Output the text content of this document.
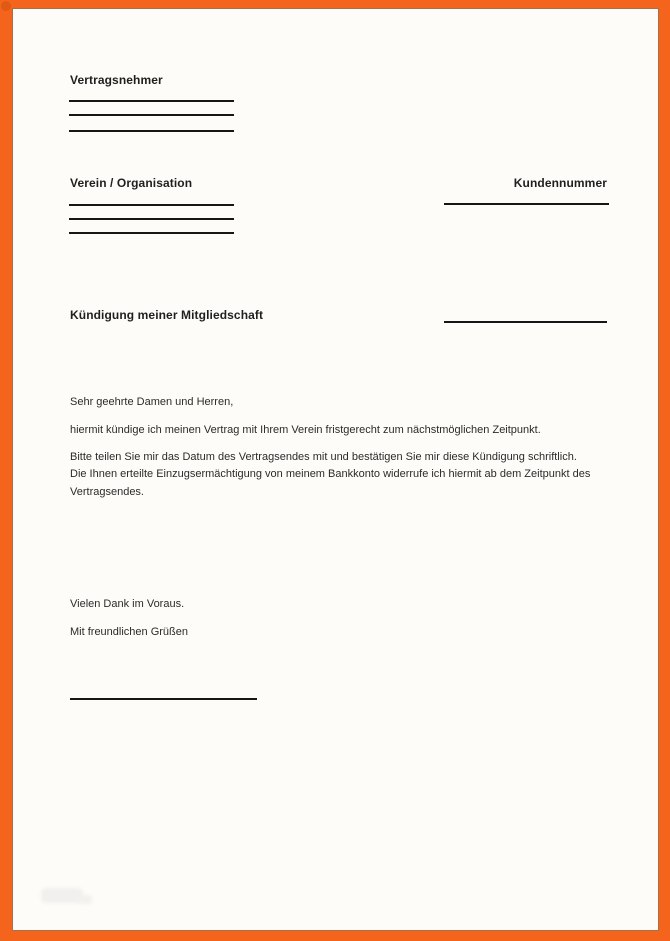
Vertragsnehmer
Verein / Organisation	Kundennummer
Kündigung meiner Mitgliedschaft
Sehr geehrte Damen und Herren,
hiermit kündige ich meinen Vertrag mit Ihrem Verein fristgerecht zum nächstmöglichen Zeitpunkt.
Bitte teilen Sie mir das Datum des Vertragsendes mit und bestätigen Sie mir diese Kündigung schriftlich.
Die Ihnen erteilte Einzugsermächtigung von meinem Bankkonto widerrufe ich hiermit ab dem Zeitpunkt des
Vertragsendes.
Vielen Dank im Voraus.
Mit freundlichen Grüßen
